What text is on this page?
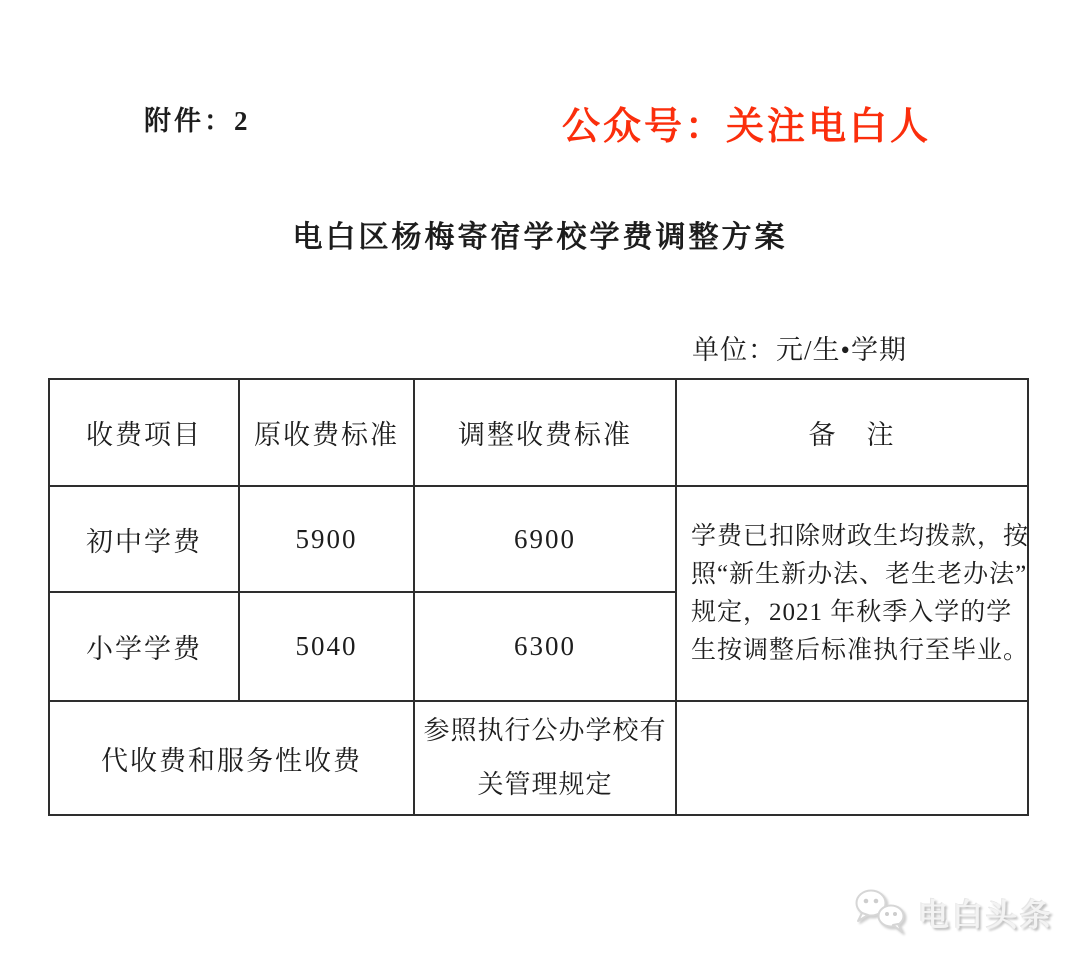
附件：2	公众号：关注电白人
电白区杨梅寄宿学校学费调整方案
单位：元/生•学期
收费项目	原收费标准	调整收费标准	备　注
初中学费	5900	6900	学费已扣除财政生均拨款，按
照“新生新办法、老生老办法”
规定，2021 年秋季入学的学
生按调整后标准执行至毕业。

小学学费	5040	6300	
代收费和服务性收费		参照执行公办学校有
关管理规定	

电白头条
